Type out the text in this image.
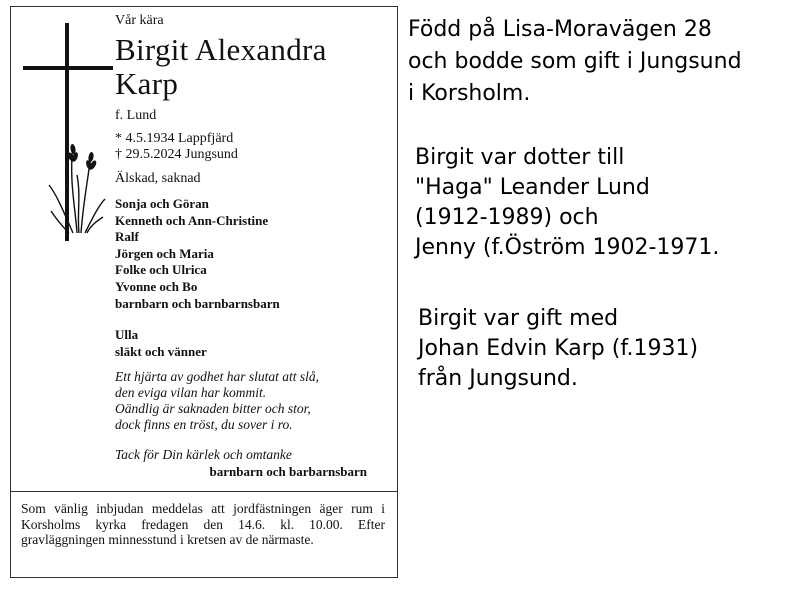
Vår kära
Birgit Alexandra
Karp
f. Lund
* 4.5.1934 Lappfjärd
† 29.5.2024 Jungsund
Älskad, saknad
Sonja och Göran
Kenneth och Ann-Christine
Ralf
Jörgen och Maria
Folke och Ulrica
Yvonne och Bo
barnbarn och barnbarnsbarn
Ulla
släkt och vänner
Ett hjärta av godhet har slutat att slå,
den eviga vilan har kommit.
Oändlig är saknaden bitter och stor,
dock finns en tröst, du sover i ro.
Tack för Din kärlek och omtanke
barnbarn och barbarnsbarn
Som vänlig inbjudan meddelas att jordfästningen äger rum i Korsholms kyrka fredagen den 14.6. kl. 10.00. Efter gravläggningen minnesstund i kretsen av de närmaste.
Född på Lisa-Moravägen 28
och bodde som gift i Jungsund
i Korsholm.
Birgit var dotter till
"Haga" Leander Lund
(1912-1989) och
Jenny (f.Öström 1902-1971.
Birgit var gift med
Johan Edvin Karp (f.1931)
från Jungsund.
